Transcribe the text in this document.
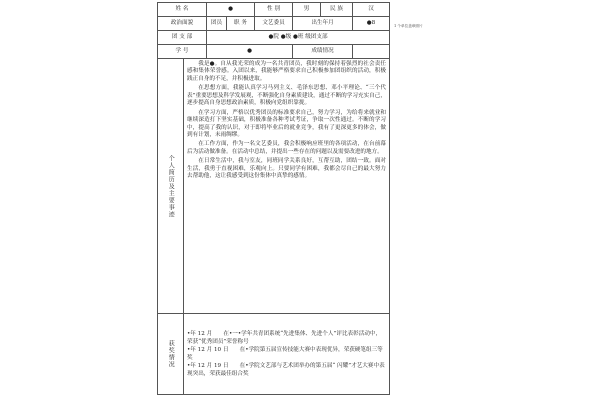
姓 名		●		性 别	男	民 族	汉
政治面貌		团员	职 务	文艺委员	出生年月		●8
团 支 部		●院 ●级 ●班 级团支部					
学 号		●			成绩情况		
个人简历及主要事迹	我是●。自从我光荣的成为一名共青团员，我时刻的保持着强烈的社会责任感和集体荣誉感。入团以来，我能够严格要求自己积极参加团组织的活动，积极践正自身的不足，并积极进取。

在思想方面，我能认真学习马列主义、毛泽东思想、邓小平理论、“三个代表”重要思想及科学发展观，不断强化自身素质建设，通过不断的学习充实自己，逐步提高自身思想政治素质，积极向党组织靠拢。

在学习方面，严格以优秀团员的标准要求自己，努力学习，为给将来就业和继续深造打下坚实基础，积极准备各种考试考证，争取一次性通过。不断的学习中，提高了我的认识，对于即将毕业后的就业竞争，我有了更深更多的体会，做到有计划，未雨绸缪。

在工作方面，作为一名文艺委员，我会积极响应班里的各项活动，在台前幕后为活动做准备。在活动中总结，并提出一些存在的问题以及需要改进的地方。

在日常生活中，我与室友，同班同学关系良好，互帮互助，团结一致。面对生活，我勇于直视困难，乐观向上。只要同学有困难，我都会尽自己的最大努力去帮助他，这让我感受到这份集体中真挚的感情。						

获奖情况	•年 12 月　　在•一•学年共青团系统“先进集体、先进个人”评比表彰活动中，荣获“优秀团员”荣誉称号
•年 12 月 10 日　　在•学院第五届宣传技能大赛中表现优异，荣获硬笔组三等奖
•年 12 月 19 日　　在•学院文艺部与艺术团举办的第五届“ 闪耀”才艺大赛中表现突出，荣获最佳组合奖						
1 个单位盖章照片
